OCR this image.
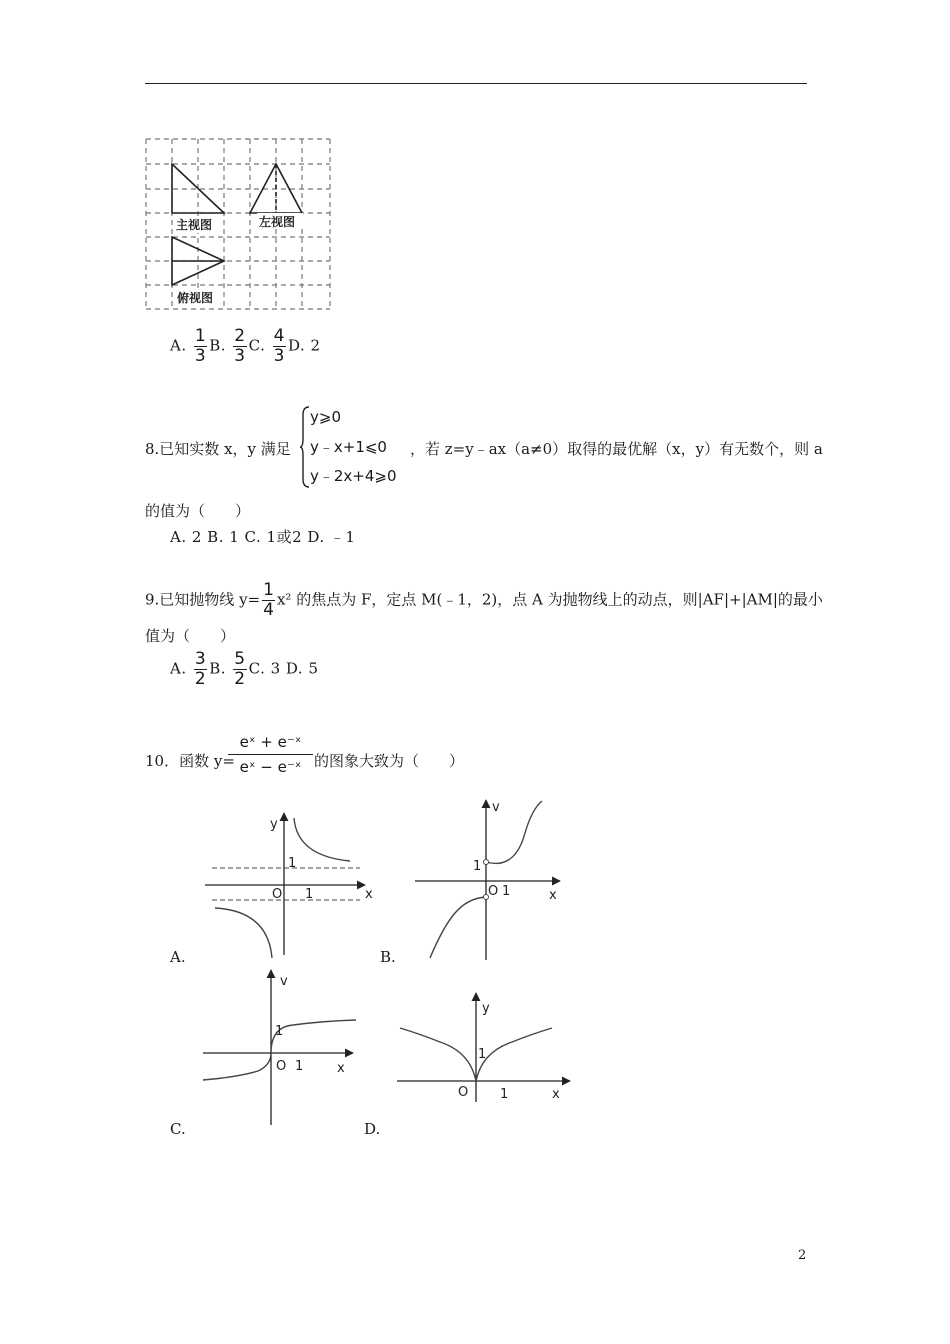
主视图	左视图
俯视图
A. $\frac{1}{3} B$. $\frac{2}{3} C$. $\frac{4}{3} D$. 2
8.已知实数 x，y 满足
y⩾0
y﹣x+1⩽0
y﹣2x+4⩾0
，若 z=y﹣ax（a≠0）取得的最优解（x，y）有无数个，则 a
的值为（　　）
A. 2 B. 1 C. 1或2 D. ﹣1
9.已知抛物线 $y= \frac{1}{4} x^2$ 的焦点为 F，定点 M(﹣1，2)，点 A 为抛物线上的动点，则|AF|+|AM|的最小
值为（　　）
A. $\frac{3}{2} B$. $\frac{5}{2} C$. 3 D. 5
10．函数 y=
$\frac{\text{eˣ + e⁻ˣ}}{\text{eˣ − e⁻ˣ}}$ 的图象大致为（　　）
y
1
O 1	x
A.
v
1
O 1	x
B.
v
1
O 1	x
C.
y
1
O 1	x
D.
2
